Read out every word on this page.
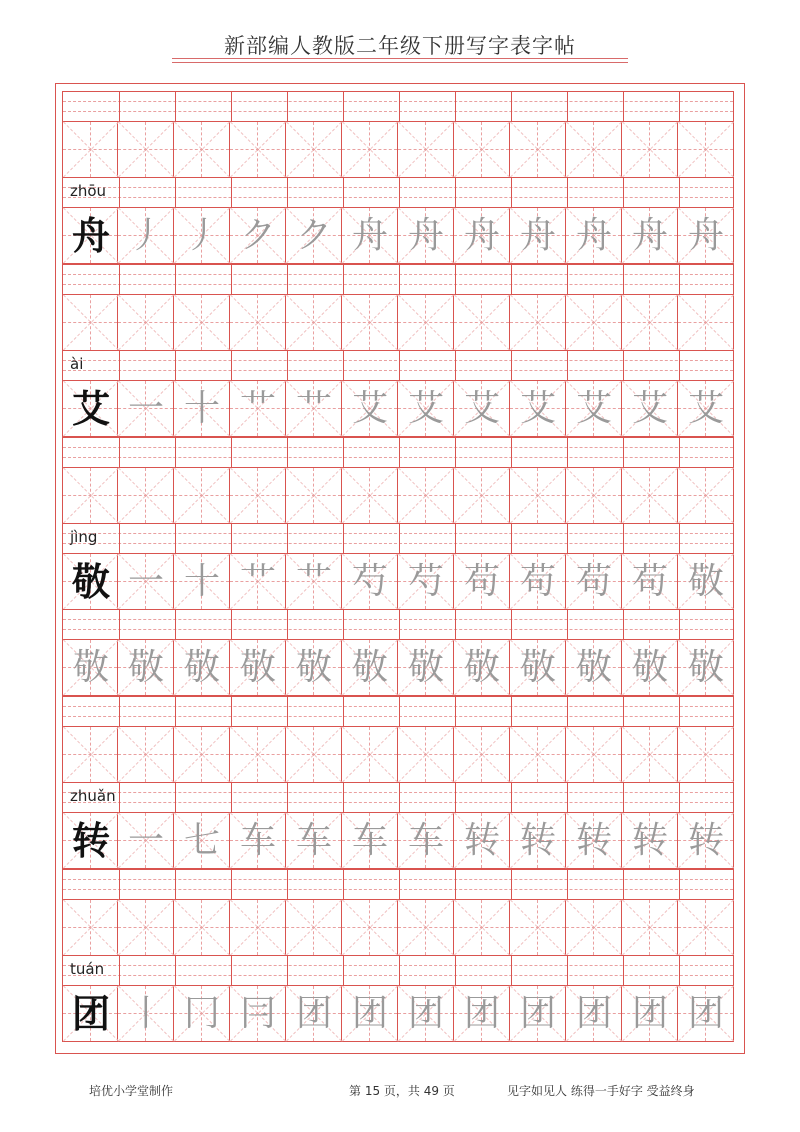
新部编人教版二年级下册写字表字帖
zhōu
舟 丿 丿 ク ク 舟 舟 舟 舟 舟 舟 舟
ài
艾 一 十 艹 艹 艾 艾 艾 艾 艾 艾 艾
jìng
敬 一 十 艹 艹 芍 芍 苟 苟 苟 苟 敬
敬 敬 敬 敬 敬 敬 敬 敬 敬 敬 敬 敬
zhuǎn
转 一 七 车 车 车 车 转 转 转 转 转
tuán
团 丨 冂 冃 团 团 团 团 团 团 团 团
培优小学堂制作	第 15 页，共 49 页	见字如见人 练得一手好字 受益终身
